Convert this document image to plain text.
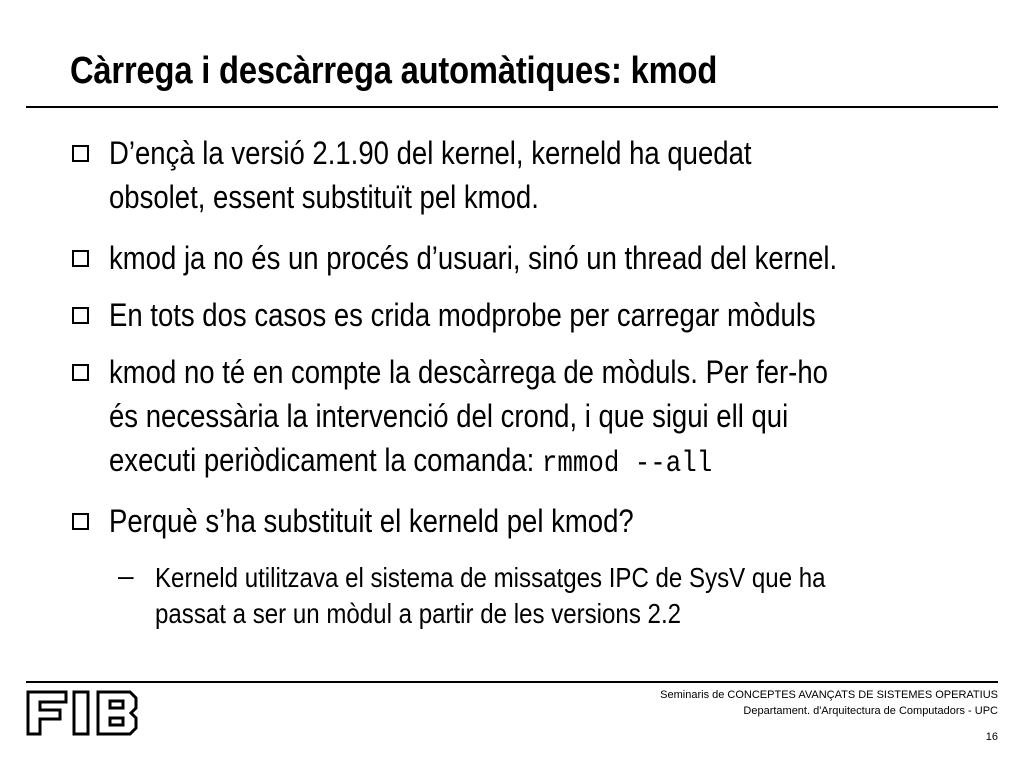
Càrrega i descàrrega automàtiques: kmod
D’ençà la versió 2.1.90 del kernel, kerneld ha quedat
obsolet, essent substituït pel kmod.
kmod ja no és un procés d’usuari, sinó un thread del kernel.
En tots dos casos es crida modprobe per carregar mòduls
kmod no té en compte la descàrrega de mòduls. Per fer-ho
és necessària la intervenció del crond, i que sigui ell qui
executi periòdicament la comanda: rmmod --all
Perquè s’ha substituit el kerneld pel kmod?
– Kerneld utilitzava el sistema de missatges IPC de SysV que ha
passat a ser un mòdul a partir de les versions 2.2
Seminaris de CONCEPTES AVANÇATS DE SISTEMES OPERATIUS
Departament. d'Arquitectura de Computadors - UPC
16
